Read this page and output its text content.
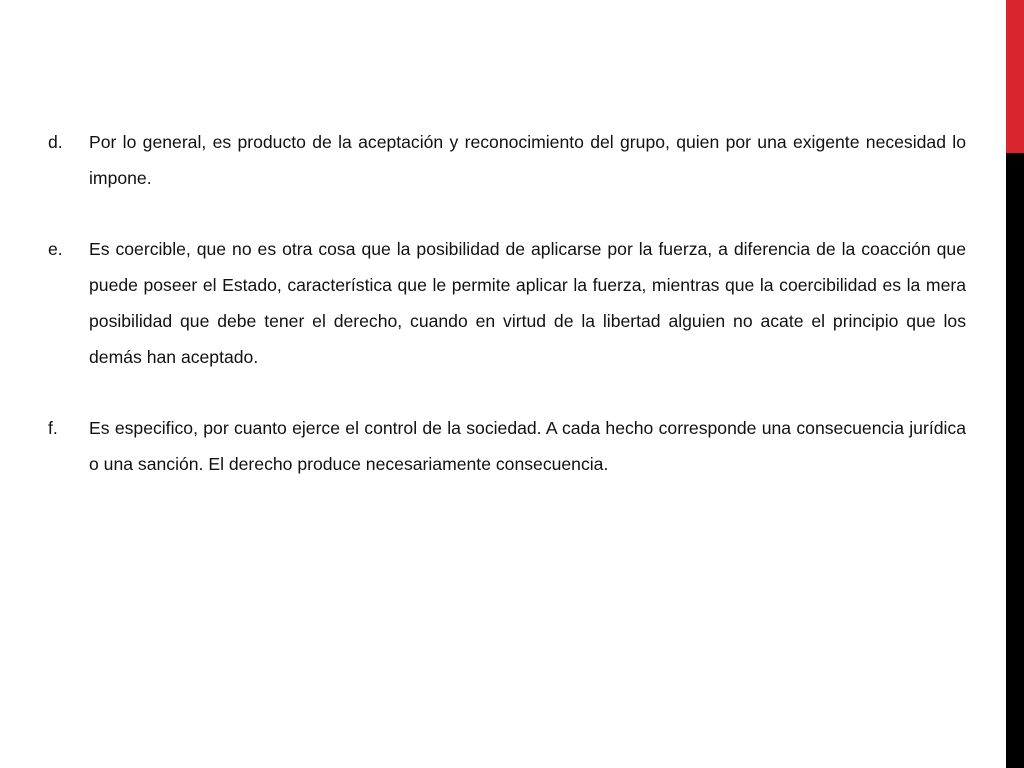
d. Por lo general, es producto de la aceptación y reconocimiento del grupo, quien por una exigente necesidad lo impone.
e. Es coercible, que no es otra cosa que la posibilidad de aplicarse por la fuerza, a diferencia de la coacción que puede poseer el Estado, característica que le permite aplicar la fuerza, mientras que la coercibilidad es la mera posibilidad que debe tener el derecho, cuando en virtud de la libertad alguien no acate el principio que los demás han aceptado.
f. Es especifico, por cuanto ejerce el control de la sociedad. A cada hecho corresponde una consecuencia jurídica o una sanción. El derecho produce necesariamente consecuencia.
